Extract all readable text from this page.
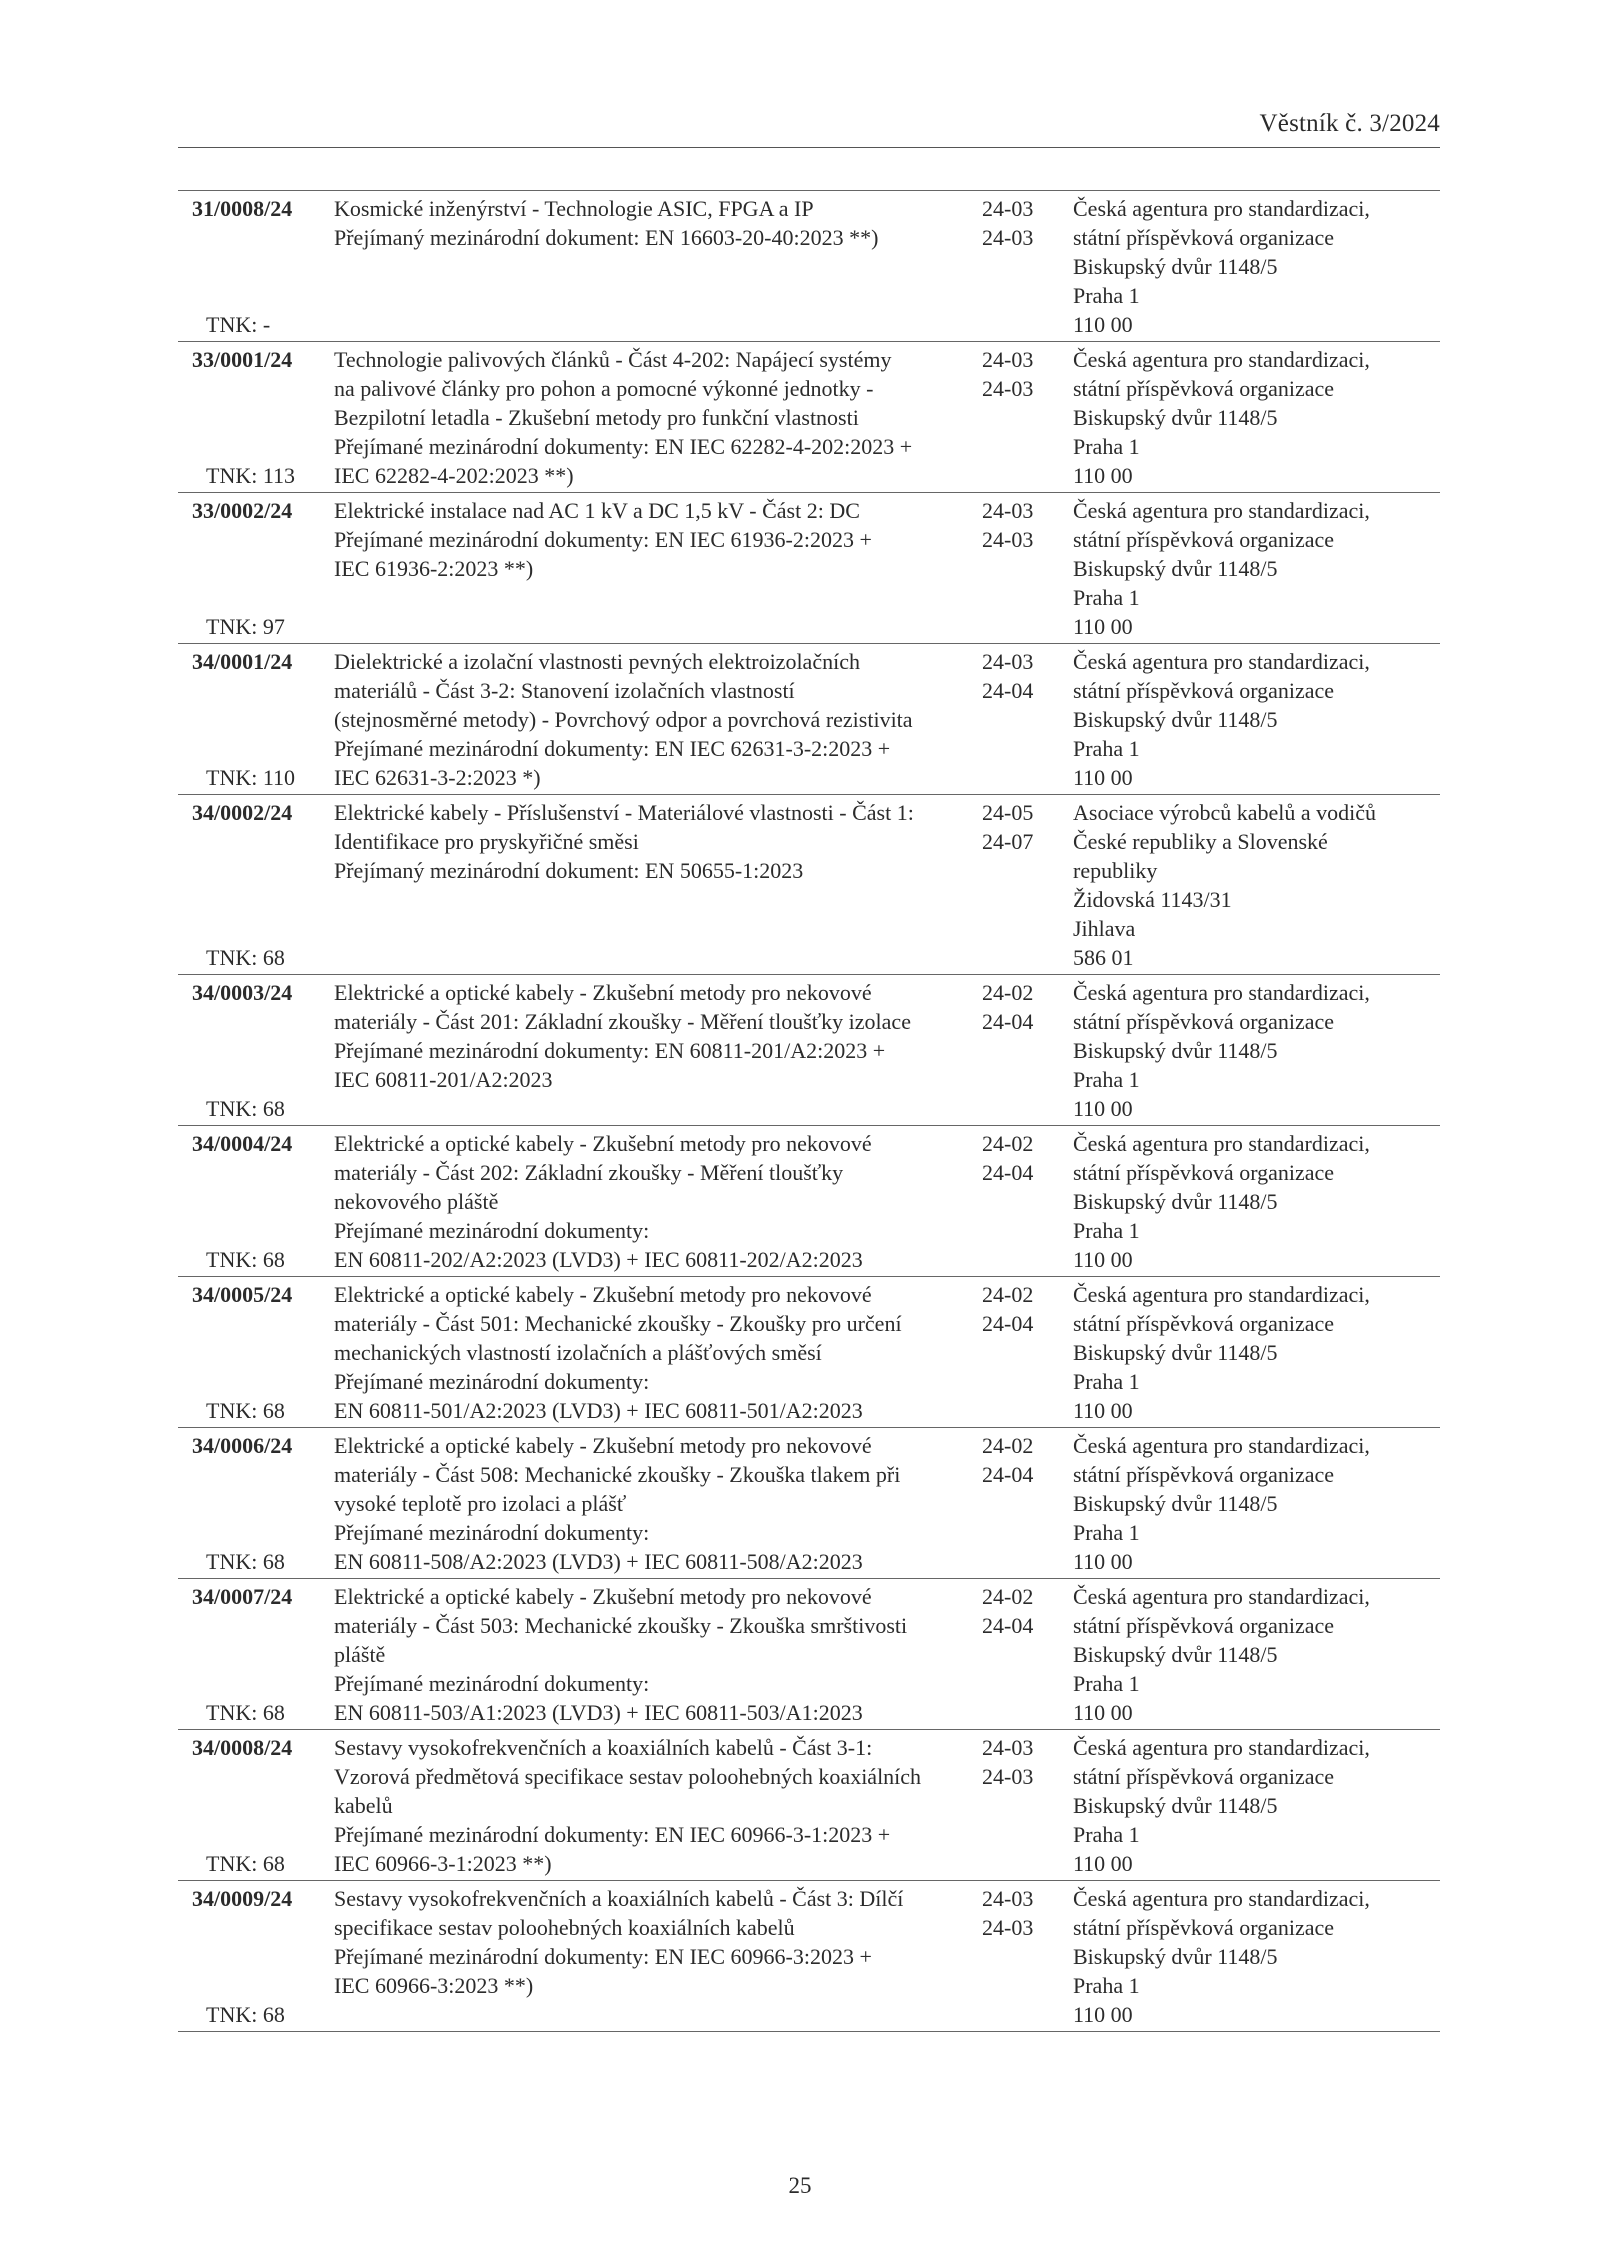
Věstník č. 3/2024
31/0008/24
TNK: -
Kosmické inženýrství - Technologie ASIC, FPGA a IP
Přejímaný mezinárodní dokument: EN 16603-20-40:2023 **)
24-03
24-03
Česká agentura pro standardizaci,
státní příspěvková organizace
Biskupský dvůr 1148/5
Praha 1
110 00
33/0001/24
TNK: 113
Technologie palivových článků - Část 4-202: Napájecí systémy
na palivové články pro pohon a pomocné výkonné jednotky -
Bezpilotní letadla - Zkušební metody pro funkční vlastnosti
Přejímané mezinárodní dokumenty: EN IEC 62282-4-202:2023 +
IEC 62282-4-202:2023 **)
24-03
24-03
Česká agentura pro standardizaci,
státní příspěvková organizace
Biskupský dvůr 1148/5
Praha 1
110 00
33/0002/24
TNK: 97
Elektrické instalace nad AC 1 kV a DC 1,5 kV - Část 2: DC
Přejímané mezinárodní dokumenty: EN IEC 61936-2:2023 +
IEC 61936-2:2023 **)
24-03
24-03
Česká agentura pro standardizaci,
státní příspěvková organizace
Biskupský dvůr 1148/5
Praha 1
110 00
34/0001/24
TNK: 110
Dielektrické a izolační vlastnosti pevných elektroizolačních
materiálů - Část 3-2: Stanovení izolačních vlastností
(stejnosměrné metody) - Povrchový odpor a povrchová rezistivita
Přejímané mezinárodní dokumenty: EN IEC 62631-3-2:2023 +
IEC 62631-3-2:2023 *)
24-03
24-04
Česká agentura pro standardizaci,
státní příspěvková organizace
Biskupský dvůr 1148/5
Praha 1
110 00
34/0002/24
TNK: 68
Elektrické kabely - Příslušenství - Materiálové vlastnosti - Část 1:
Identifikace pro pryskyřičné směsi
Přejímaný mezinárodní dokument: EN 50655-1:2023
24-05
24-07
Asociace výrobců kabelů a vodičů
České republiky a Slovenské
republiky
Židovská 1143/31
Jihlava
586 01
34/0003/24
TNK: 68
Elektrické a optické kabely - Zkušební metody pro nekovové
materiály - Část 201: Základní zkoušky - Měření tloušťky izolace
Přejímané mezinárodní dokumenty: EN 60811-201/A2:2023 +
IEC 60811-201/A2:2023
24-02
24-04
Česká agentura pro standardizaci,
státní příspěvková organizace
Biskupský dvůr 1148/5
Praha 1
110 00
34/0004/24
TNK: 68
Elektrické a optické kabely - Zkušební metody pro nekovové
materiály - Část 202: Základní zkoušky - Měření tloušťky
nekovového pláště
Přejímané mezinárodní dokumenty:
EN 60811-202/A2:2023 (LVD3) + IEC 60811-202/A2:2023
24-02
24-04
Česká agentura pro standardizaci,
státní příspěvková organizace
Biskupský dvůr 1148/5
Praha 1
110 00
34/0005/24
TNK: 68
Elektrické a optické kabely - Zkušební metody pro nekovové
materiály - Část 501: Mechanické zkoušky - Zkoušky pro určení
mechanických vlastností izolačních a plášťových směsí
Přejímané mezinárodní dokumenty:
EN 60811-501/A2:2023 (LVD3) + IEC 60811-501/A2:2023
24-02
24-04
Česká agentura pro standardizaci,
státní příspěvková organizace
Biskupský dvůr 1148/5
Praha 1
110 00
34/0006/24
TNK: 68
Elektrické a optické kabely - Zkušební metody pro nekovové
materiály - Část 508: Mechanické zkoušky - Zkouška tlakem při
vysoké teplotě pro izolaci a plášť
Přejímané mezinárodní dokumenty:
EN 60811-508/A2:2023 (LVD3) + IEC 60811-508/A2:2023
24-02
24-04
Česká agentura pro standardizaci,
státní příspěvková organizace
Biskupský dvůr 1148/5
Praha 1
110 00
34/0007/24
TNK: 68
Elektrické a optické kabely - Zkušební metody pro nekovové
materiály - Část 503: Mechanické zkoušky - Zkouška smrštivosti
pláště
Přejímané mezinárodní dokumenty:
EN 60811-503/A1:2023 (LVD3) + IEC 60811-503/A1:2023
24-02
24-04
Česká agentura pro standardizaci,
státní příspěvková organizace
Biskupský dvůr 1148/5
Praha 1
110 00
34/0008/24
TNK: 68
Sestavy vysokofrekvenčních a koaxiálních kabelů - Část 3-1:
Vzorová předmětová specifikace sestav poloohebných koaxiálních
kabelů
Přejímané mezinárodní dokumenty: EN IEC 60966-3-1:2023 +
IEC 60966-3-1:2023 **)
24-03
24-03
Česká agentura pro standardizaci,
státní příspěvková organizace
Biskupský dvůr 1148/5
Praha 1
110 00
34/0009/24
TNK: 68
Sestavy vysokofrekvenčních a koaxiálních kabelů - Část 3: Dílčí
specifikace sestav poloohebných koaxiálních kabelů
Přejímané mezinárodní dokumenty: EN IEC 60966-3:2023 +
IEC 60966-3:2023 **)
24-03
24-03
Česká agentura pro standardizaci,
státní příspěvková organizace
Biskupský dvůr 1148/5
Praha 1
110 00
25
